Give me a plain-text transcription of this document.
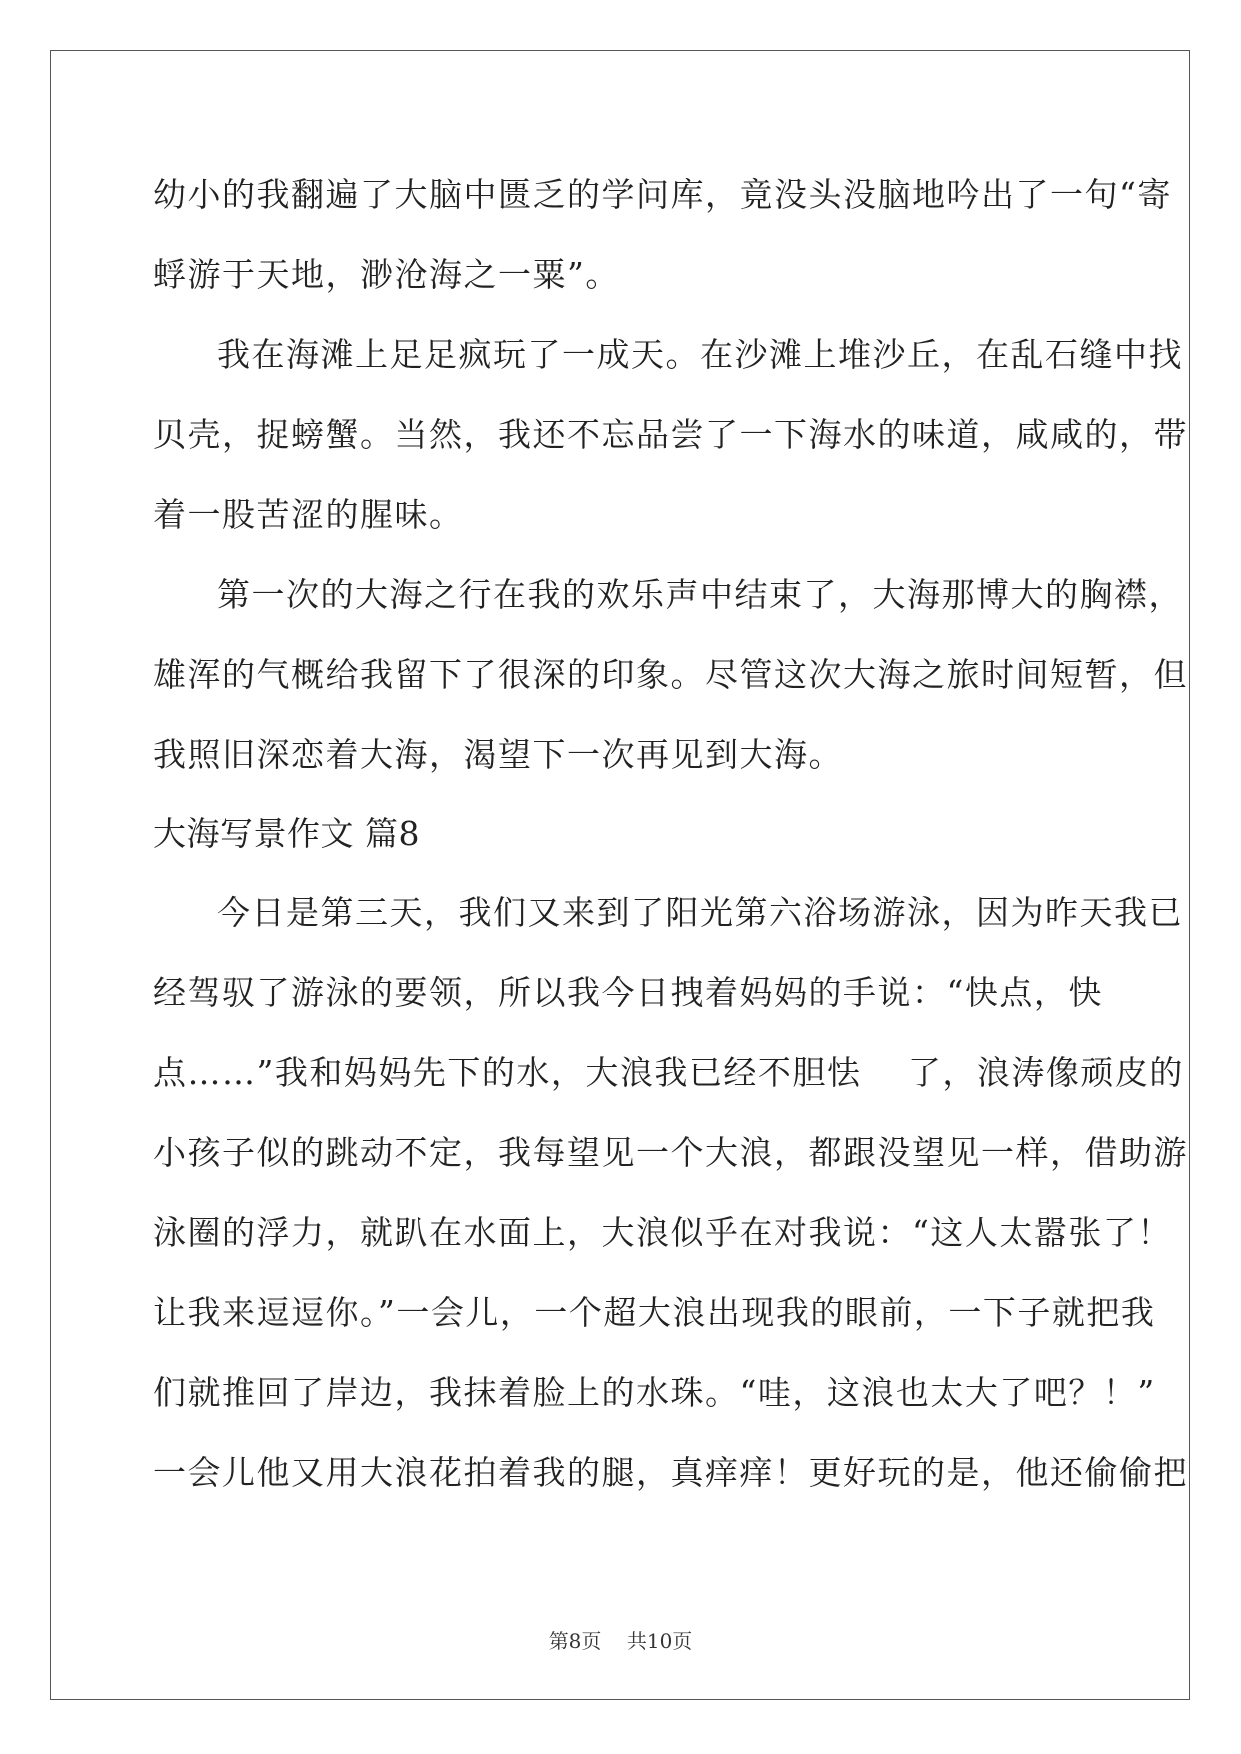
幼小的我翻遍了大脑中匮乏的学问库，竟没头没脑地吟出了一句“寄
蜉游于天地，渺沧海之一粟”。
我在海滩上足足疯玩了一成天。在沙滩上堆沙丘，在乱石缝中找
贝壳，捉螃蟹。当然，我还不忘品尝了一下海水的味道，咸咸的，带
着一股苦涩的腥味。
第一次的大海之行在我的欢乐声中结束了，大海那博大的胸襟，
雄浑的气概给我留下了很深的印象。尽管这次大海之旅时间短暂，但
我照旧深恋着大海，渴望下一次再见到大海。
大海写景作文 篇8
今日是第三天，我们又来到了阳光第六浴场游泳，因为昨天我已
经驾驭了游泳的要领，所以我今日拽着妈妈的手说：“快点，快
点……”我和妈妈先下的水，大浪我已经不胆怯　 了，浪涛像顽皮的
小孩子似的跳动不定，我每望见一个大浪，都跟没望见一样，借助游
泳圈的浮力，就趴在水面上，大浪似乎在对我说：“这人太嚣张了！
让我来逗逗你。”一会儿，一个超大浪出现我的眼前，一下子就把我
们就推回了岸边，我抹着脸上的水珠。“哇，这浪也太大了吧？！”
一会儿他又用大浪花拍着我的腿，真痒痒！更好玩的是，他还偷偷把
第8页 共10页
